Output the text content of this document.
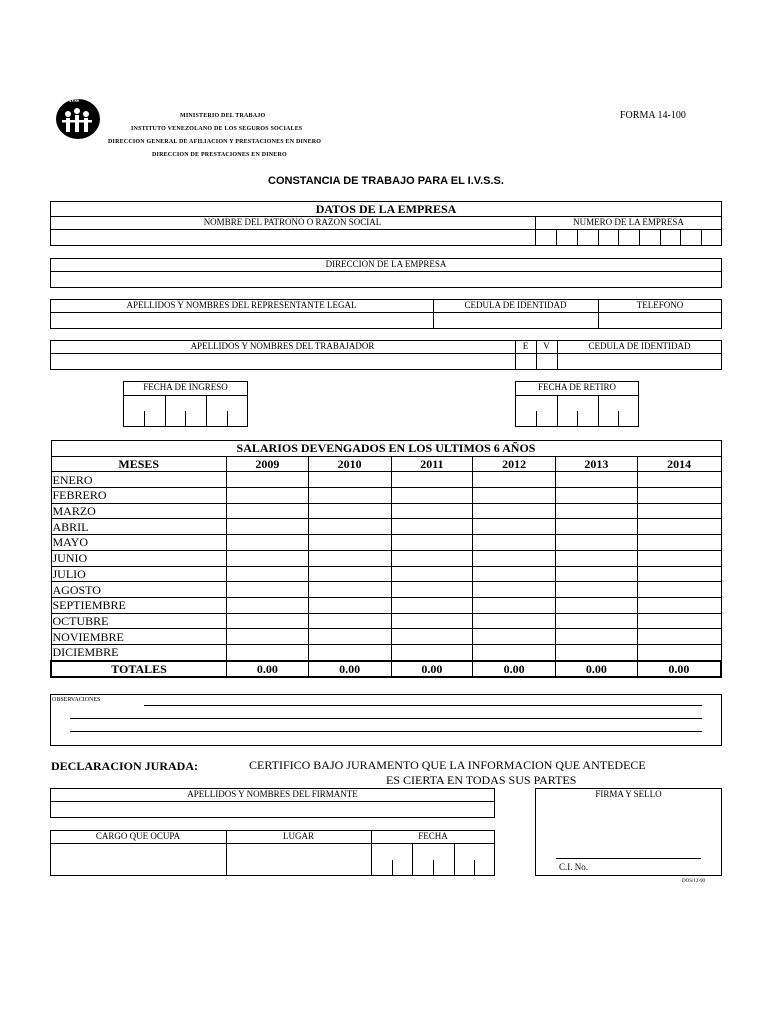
Ivss
MINISTERIO DEL TRABAJO
INSTITUTO VENEZOLANO DE LOS SEGUROS SOCIALES
DIRECCION GENERAL DE AFILIACION Y PRESTACIONES EN DINERO
DIRECCION DE PRESTACIONES EN DINERO
FORMA 14-100
CONSTANCIA DE TRABAJO PARA EL I.V.S.S.
DATOS DE LA EMPRESA
NOMBRE DEL PATRONO O RAZON SOCIAL	NUMERO DE LA EMPRESA
DIRECCION DE LA EMPRESA
APELLIDOS Y NOMBRES DEL REPRESENTANTE LEGAL	CEDULA DE IDENTIDAD	TELEFONO
APELLIDOS Y NOMBRES DEL TRABAJADOR	E	V	CEDULA DE IDENTIDAD
FECHA DE INGRESO	FECHA DE RETIRO
SALARIOS DEVENGADOS EN LOS ULTIMOS 6 AÑOS						
MESES	2009	2010	2011	2012	2013	2014
ENERO						
FEBRERO						
MARZO						
ABRIL						
MAYO						
JUNIO						
JULIO						
AGOSTO						
SEPTIEMBRE						
OCTUBRE						
NOVIEMBRE						
DICIEMBRE						
TOTALES	0.00	0.00	0.00	0.00	0.00	0.00
OBSERVACIONES
DECLARACION JURADA:	CERTIFICO BAJO JURAMENTO QUE LA INFORMACION QUE ANTEDECE
ES CIERTA EN TODAS SUS PARTES
APELLIDOS Y NOMBRES DEL FIRMANTE	FIRMA Y SELLO
C.I. No.
CARGO QUE OCUPA	LUGAR	FECHA
DOS/12-90
